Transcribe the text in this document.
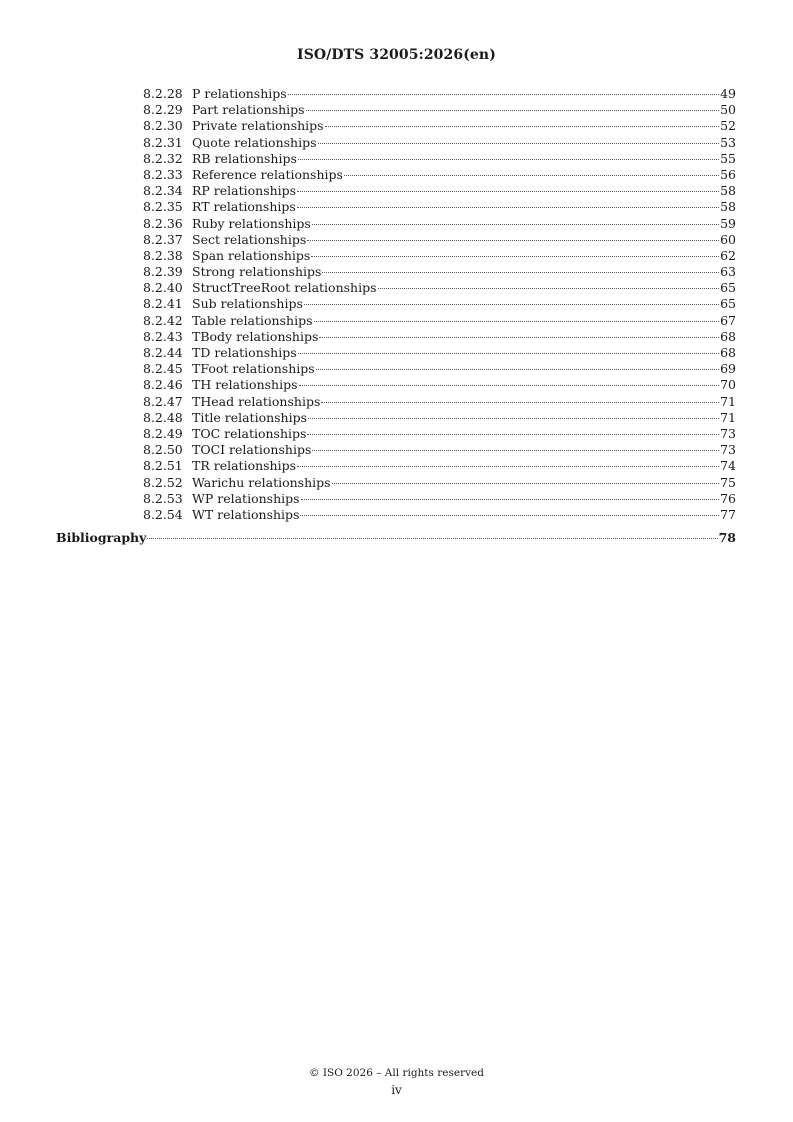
ISO/DTS 32005:2026(en)
8.2.28 P relationships	49
8.2.29 Part relationships	50
8.2.30 Private relationships	52
8.2.31 Quote relationships	53
8.2.32 RB relationships	55
8.2.33 Reference relationships	56
8.2.34 RP relationships	58
8.2.35 RT relationships	58
8.2.36 Ruby relationships	59
8.2.37 Sect relationships	60
8.2.38 Span relationships	62
8.2.39 Strong relationships	63
8.2.40 StructTreeRoot relationships	65
8.2.41 Sub relationships	65
8.2.42 Table relationships	67
8.2.43 TBody relationships	68
8.2.44 TD relationships	68
8.2.45 TFoot relationships	69
8.2.46 TH relationships	70
8.2.47 THead relationships	71
8.2.48 Title relationships	71
8.2.49 TOC relationships	73
8.2.50 TOCI relationships	73
8.2.51 TR relationships	74
8.2.52 Warichu relationships	75
8.2.53 WP relationships	76
8.2.54 WT relationships	77
Bibliography	78
© ISO 2026 – All rights reserved
iv
